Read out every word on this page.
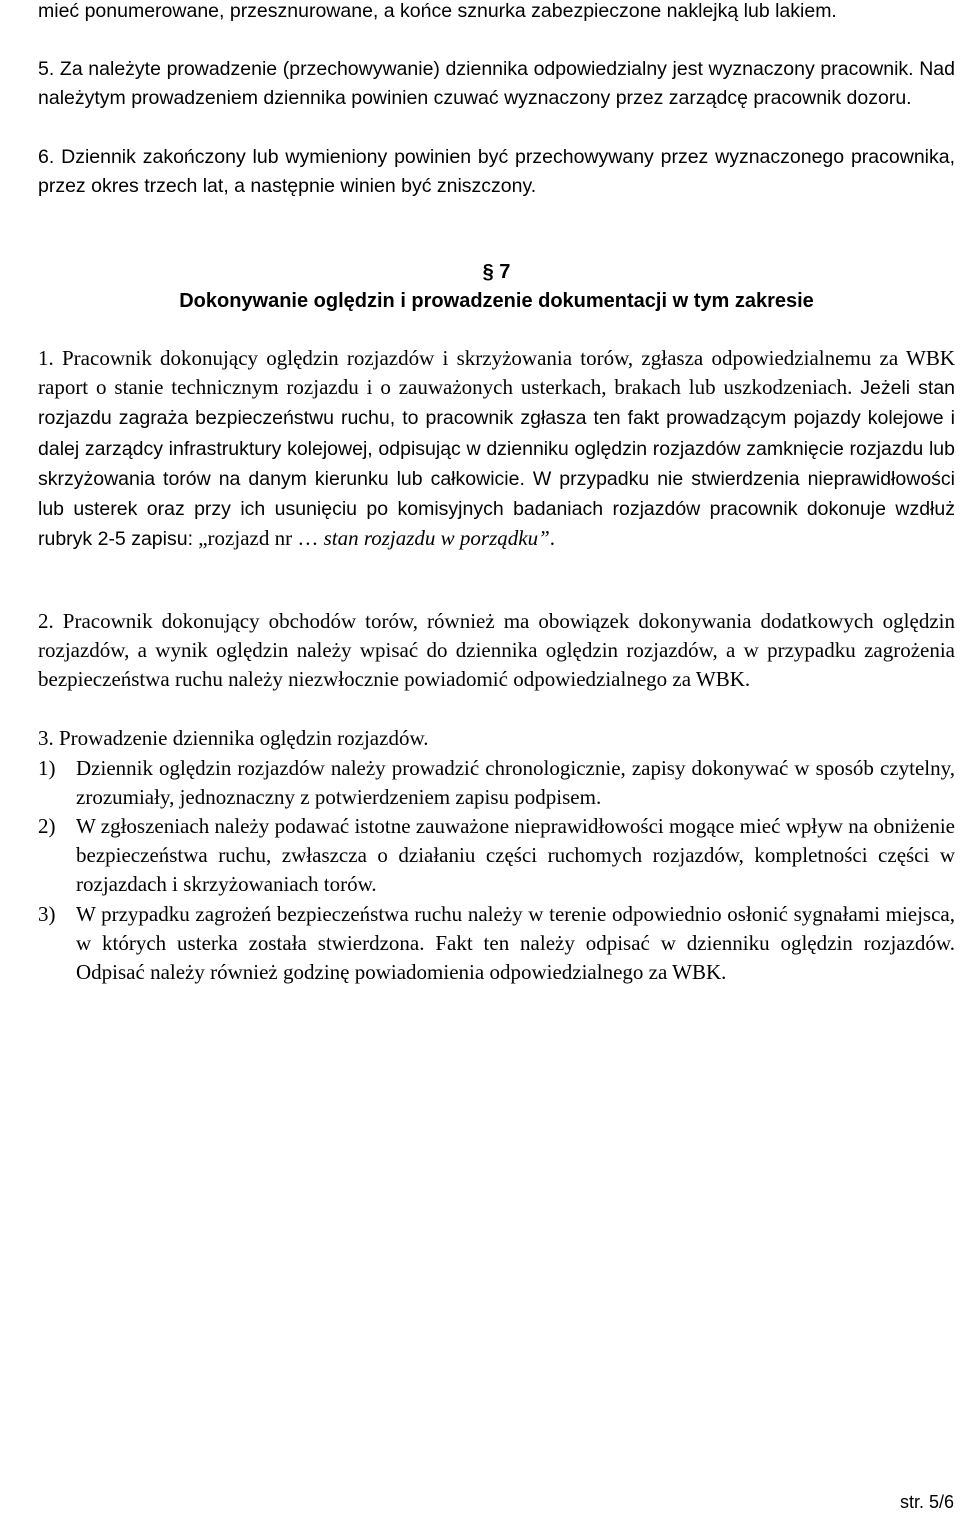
mieć ponumerowane, przesznurowane, a końce sznurka zabezpieczone naklejką lub lakiem.
5. Za należyte prowadzenie (przechowywanie) dziennika odpowiedzialny jest wyznaczony pracownik. Nad należytym prowadzeniem dziennika powinien czuwać wyznaczony przez zarządcę pracownik dozoru.
6. Dziennik zakończony lub wymieniony powinien być przechowywany przez wyznaczonego pracownika, przez okres trzech lat, a następnie winien być zniszczony.
§ 7
Dokonywanie oględzin i prowadzenie dokumentacji w tym zakresie
1. Pracownik dokonujący oględzin rozjazdów i skrzyżowania torów, zgłasza odpowiedzialnemu za WBK raport o stanie technicznym rozjazdu i o zauważonych usterkach, brakach lub uszkodzeniach. Jeżeli stan rozjazdu zagraża bezpieczeństwu ruchu, to pracownik zgłasza ten fakt prowadzącym pojazdy kolejowe i dalej zarządcy infrastruktury kolejowej, odpisując w dzienniku oględzin rozjazdów zamknięcie rozjazdu lub skrzyżowania torów na danym kierunku lub całkowicie. W przypadku nie stwierdzenia nieprawidłowości lub usterek oraz przy ich usunięciu po komisyjnych badaniach rozjazdów pracownik dokonuje wzdłuż rubryk 2-5 zapisu: „rozjazd nr … stan rozjazdu w porządku”.
2. Pracownik dokonujący obchodów torów, również ma obowiązek dokonywania dodatkowych oględzin rozjazdów, a wynik oględzin należy wpisać do dziennika oględzin rozjazdów, a w przypadku zagrożenia bezpieczeństwa ruchu należy niezwłocznie powiadomić odpowiedzialnego za WBK.
3. Prowadzenie dziennika oględzin rozjazdów.
1) Dziennik oględzin rozjazdów należy prowadzić chronologicznie, zapisy dokonywać w sposób czytelny, zrozumiały, jednoznaczny z potwierdzeniem zapisu podpisem.
2) W zgłoszeniach należy podawać istotne zauważone nieprawidłowości mogące mieć wpływ na obniżenie bezpieczeństwa ruchu, zwłaszcza o działaniu części ruchomych rozjazdów, kompletności części w rozjazdach i skrzyżowaniach torów.
3) W przypadku zagrożeń bezpieczeństwa ruchu należy w terenie odpowiednio osłonić sygnałami miejsca, w których usterka została stwierdzona. Fakt ten należy odpisać w dzienniku oględzin rozjazdów. Odpisać należy również godzinę powiadomienia odpowiedzialnego za WBK.
str. 5/6
